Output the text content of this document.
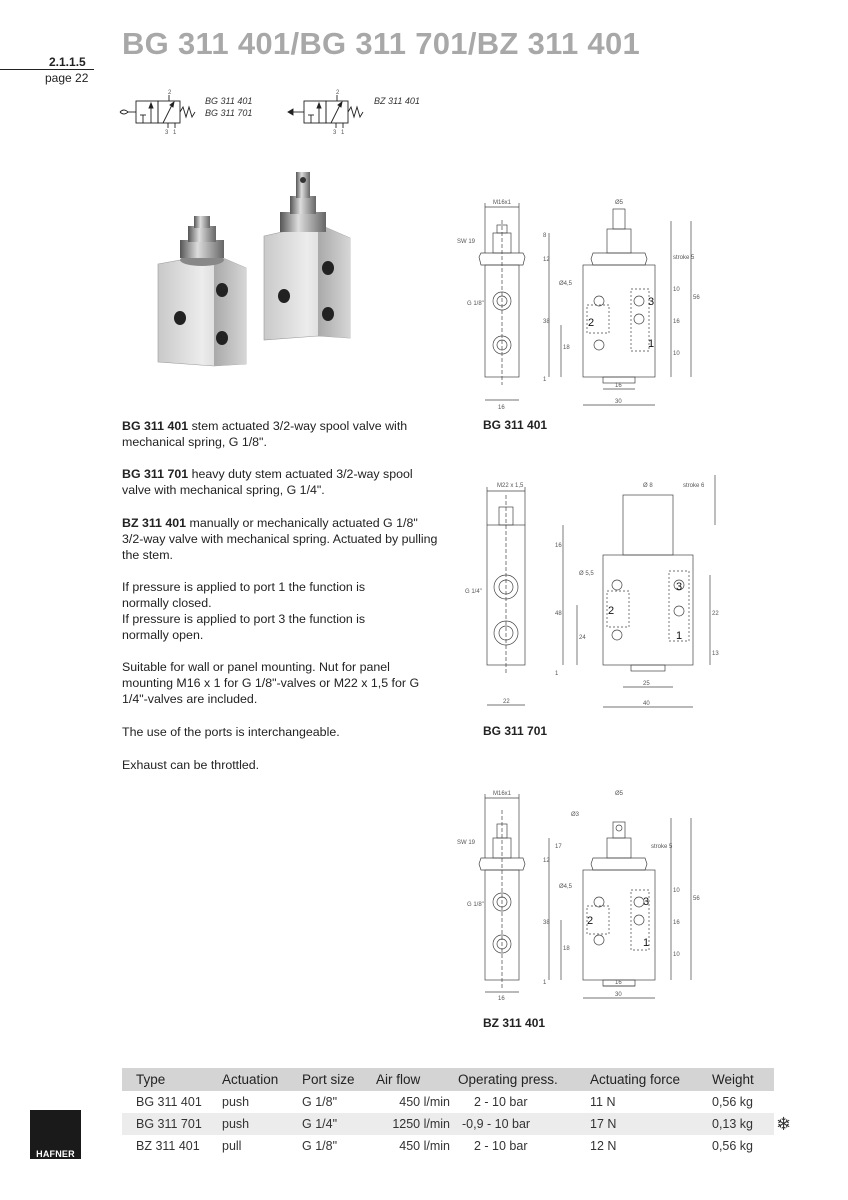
BG 311 401/BG 311 701/BZ 311 401
2.1.1.5
page 22
2
3 1
BG 311 401
BG 311 701
2
3 1
BZ 311 401
BG 311 401 stem actuated 3/2-way spool valve with mechanical spring, G 1/8".
BG 311 701 heavy duty stem actuated 3/2-way spool valve with mechanical spring, G 1/4".
BZ 311 401 manually or mechanically actuated G 1/8" 3/2-way valve with mechanical spring. Actuated by pulling the stem.
If pressure is applied to port 1 the function is normally closed.
If pressure is applied to port 3 the function is normally open.
Suitable for wall or panel mounting. Nut for panel mounting M16 x 1 for G 1/8"-valves or M22 x 1,5 for G 1/4"-valves are included.
The use of the ports is interchangeable.
Exhaust can be throttled.
M16x1
SW 19
G 1/8"
Ø5
Ø4,5
stroke 5
16
16
30
8
12
38
18
1
10
16
10
56
3
2
1
BG 311 401
M22 x 1,5
G 1/4"
Ø 8
Ø 5,5
stroke 6
22
25
40
16
48
24
1
22
13
3
2
1
BG 311 701
M16x1
SW 19
G 1/8"
Ø5
Ø3
Ø4,5
stroke 5
16
16
30
17
12
38
18
1
10
16
10
56
3
2
1
BZ 311 401
Type	Actuation	Port size	Air flow	Operating press.	Actuating force	Weight
BG 311 401	push	G 1/8"	450 l/min	2 - 10 bar	11 N	0,56 kg
BG 311 701	push	G 1/4"	1250 l/min	-0,9 - 10 bar	17 N	0,13 kg
BZ 311 401	pull	G 1/8"	450 l/min	2 - 10 bar	12 N	0,56 kg
❄
HAFNER
